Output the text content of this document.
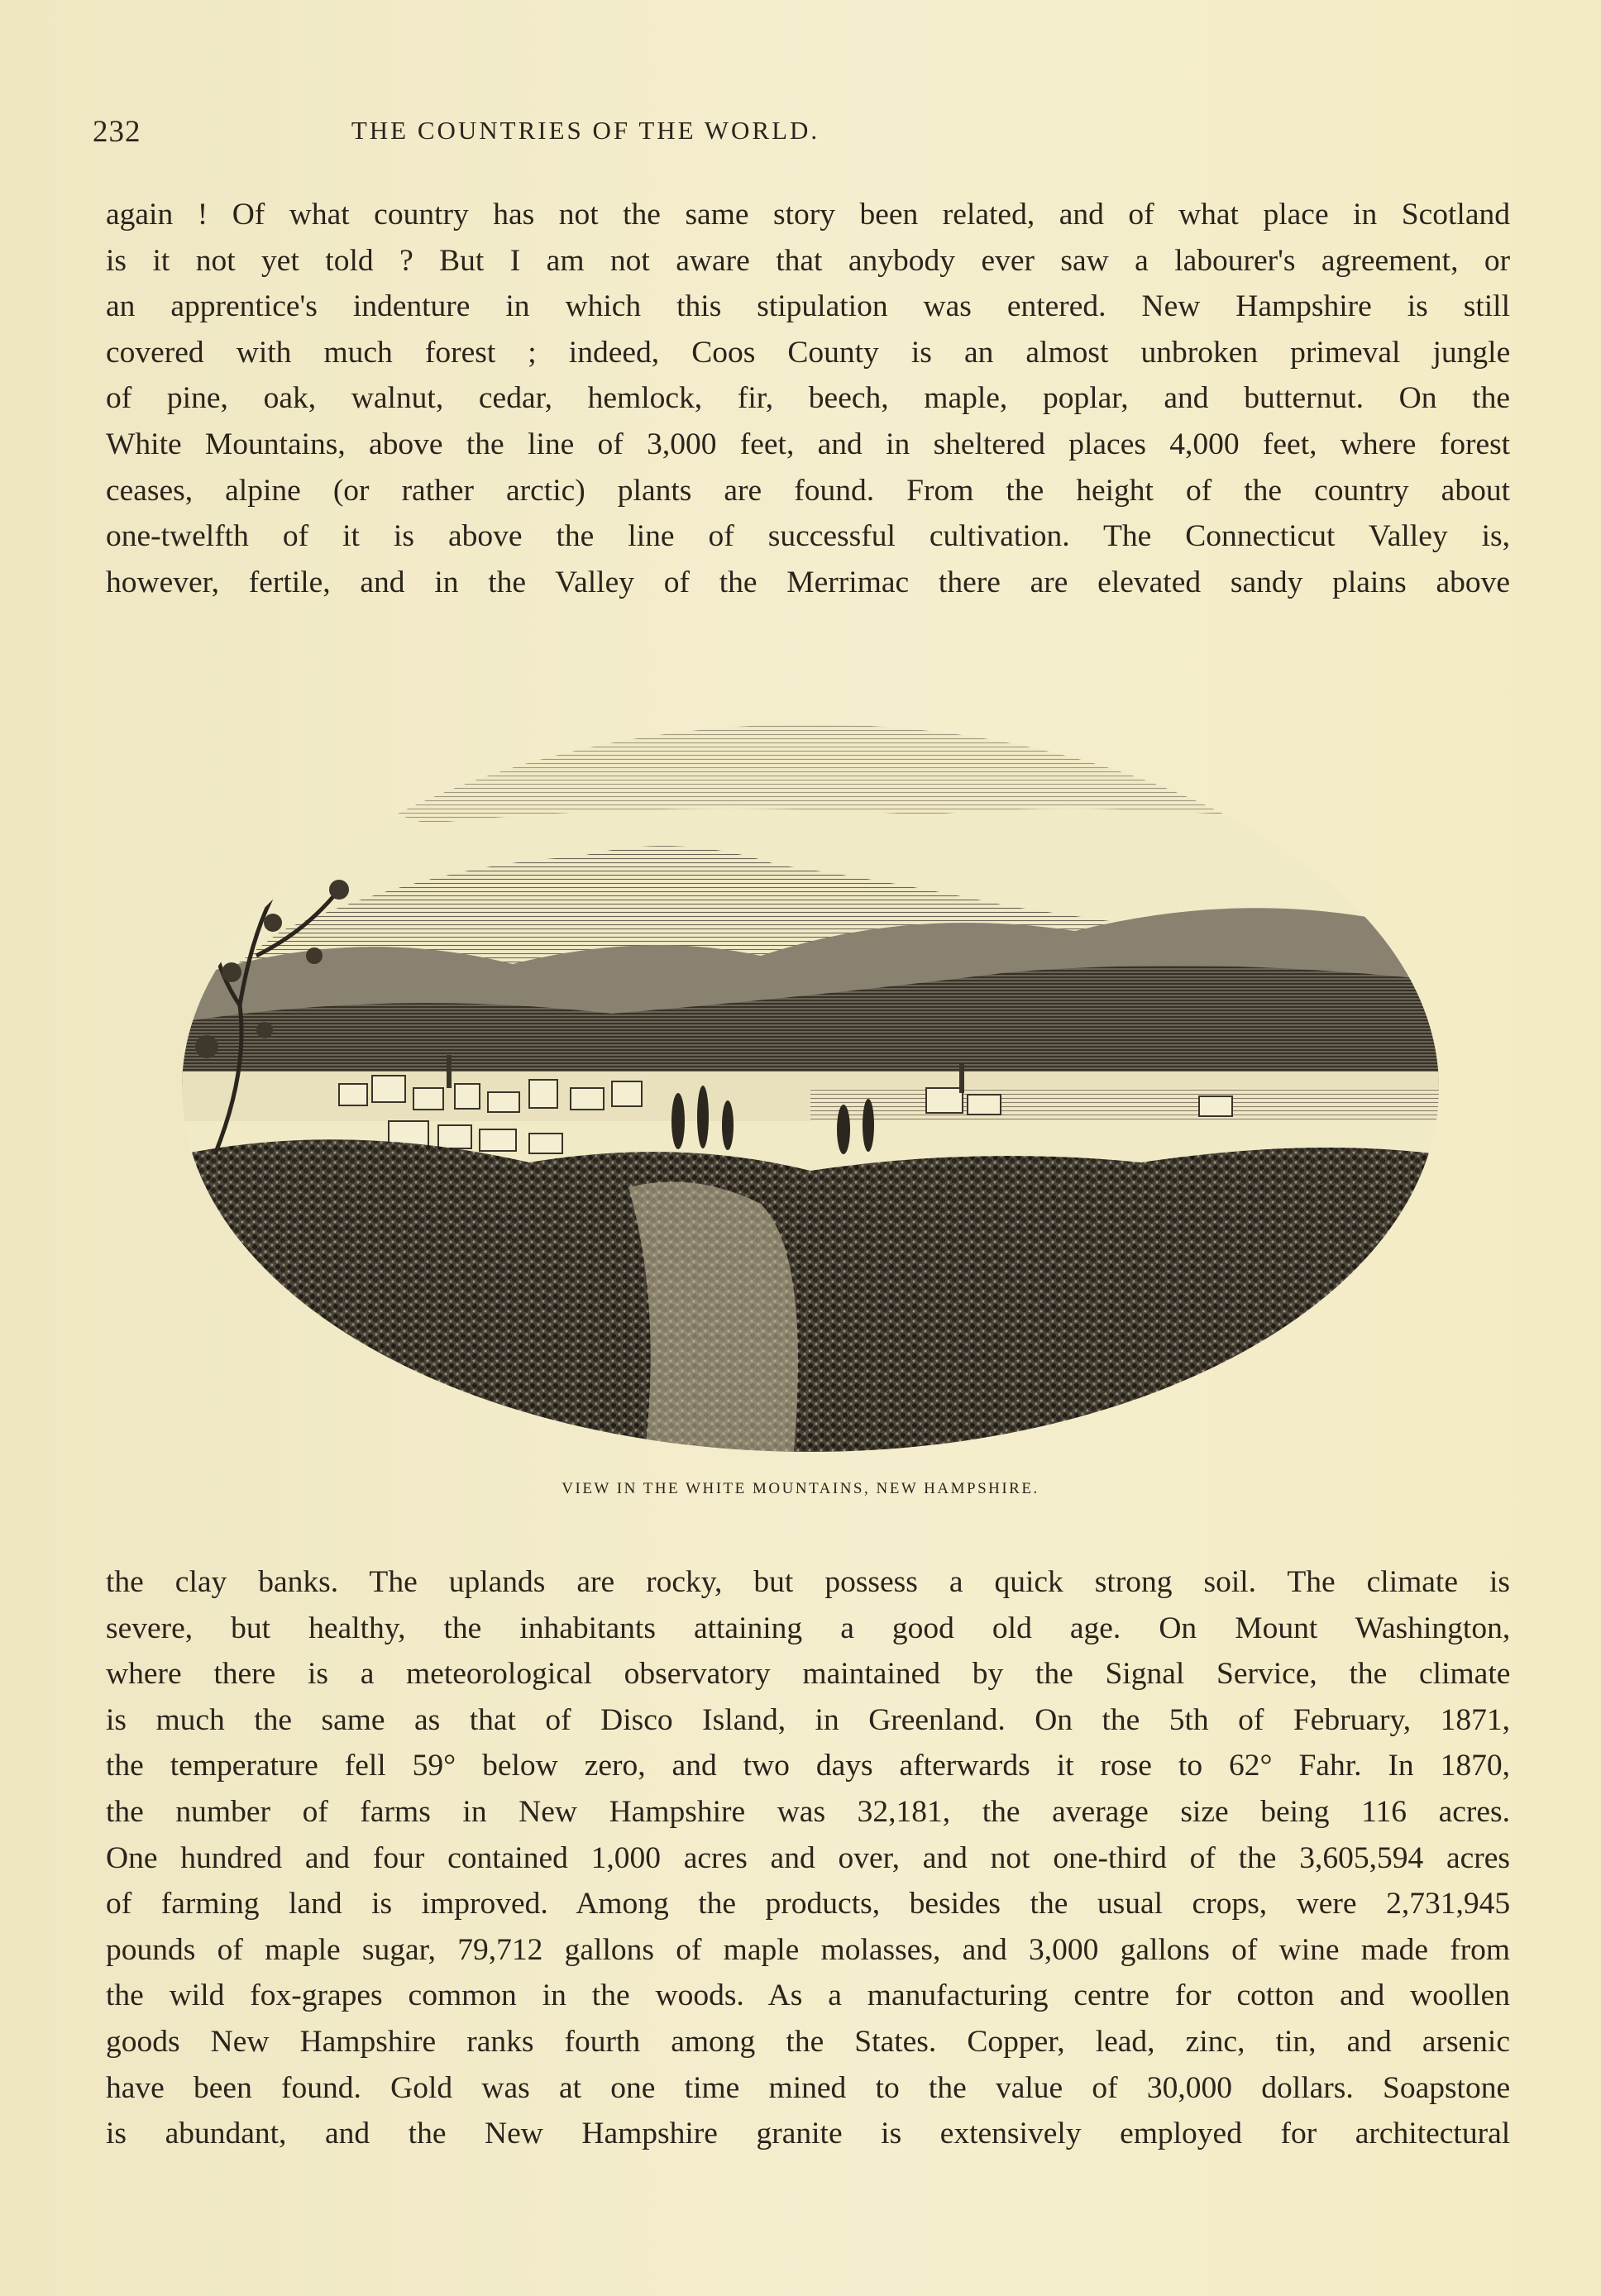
232	THE COUNTRIES OF THE WORLD.
again ! Of what country has not the same story been related, and of what place in Scotland
is it not yet told ? But I am not aware that anybody ever saw a labourer's agreement, or
an apprentice's indenture in which this stipulation was entered. New Hampshire is still
covered with much forest ; indeed, Coos County is an almost unbroken primeval jungle
of pine, oak, walnut, cedar, hemlock, fir, beech, maple, poplar, and butternut. On the
White Mountains, above the line of 3,000 feet, and in sheltered places 4,000 feet, where forest
ceases, alpine (or rather arctic) plants are found. From the height of the country about
one-twelfth of it is above the line of successful cultivation. The Connecticut Valley is,
however, fertile, and in the Valley of the Merrimac there are elevated sandy plains above
VIEW IN THE WHITE MOUNTAINS, NEW HAMPSHIRE.
the clay banks. The uplands are rocky, but possess a quick strong soil. The climate is
severe, but healthy, the inhabitants attaining a good old age. On Mount Washington,
where there is a meteorological observatory maintained by the Signal Service, the climate
is much the same as that of Disco Island, in Greenland. On the 5th of February, 1871,
the temperature fell 59° below zero, and two days afterwards it rose to 62° Fahr. In 1870,
the number of farms in New Hampshire was 32,181, the average size being 116 acres.
One hundred and four contained 1,000 acres and over, and not one-third of the 3,605,594 acres
of farming land is improved. Among the products, besides the usual crops, were 2,731,945
pounds of maple sugar, 79,712 gallons of maple molasses, and 3,000 gallons of wine made from
the wild fox-grapes common in the woods. As a manufacturing centre for cotton and woollen
goods New Hampshire ranks fourth among the States. Copper, lead, zinc, tin, and arsenic
have been found. Gold was at one time mined to the value of 30,000 dollars. Soapstone
is abundant, and the New Hampshire granite is extensively employed for architectural
